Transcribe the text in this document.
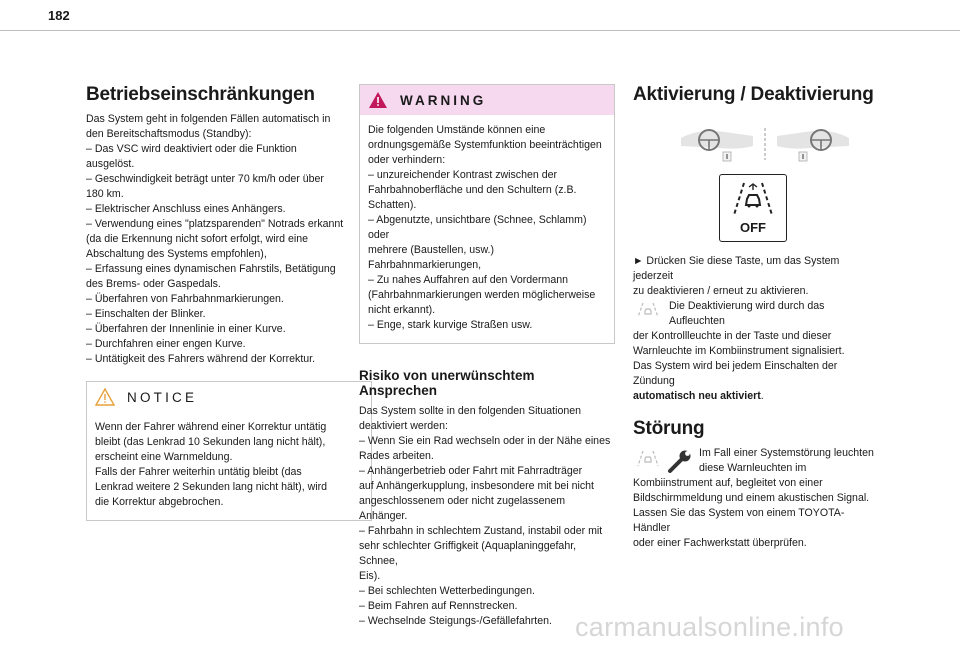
182
Betriebseinschränkungen

Das System geht in folgenden Fällen automatisch in

den Bereitschaftsmodus (Standby):

– Das VSC wird deaktiviert oder die Funktion

ausgelöst.

– Geschwindigkeit beträgt unter 70 km/h oder über

180 km.

– Elektrischer Anschluss eines Anhängers.

– Verwendung eines "platzsparenden" Notrads erkannt

(da die Erkennung nicht sofort erfolgt, wird eine

Abschaltung des Systems empfohlen),

– Erfassung eines dynamischen Fahrstils, Betätigung

des Brems- oder Gaspedals.

– Überfahren von Fahrbahnmarkierungen.

– Einschalten der Blinker.

– Überfahren der Innenlinie in einer Kurve.

– Durchfahren einer engen Kurve.

– Untätigkeit des Fahrers während der Korrektur.

NOTICE

Wenn der Fahrer während einer Korrektur untätig

bleibt (das Lenkrad 10 Sekunden lang nicht hält),

erscheint eine Warnmeldung.

Falls der Fahrer weiterhin untätig bleibt (das

Lenkrad weitere 2 Sekunden lang nicht hält), wird

die Korrektur abgebrochen.

WARNING

Die folgenden Umstände können eine

ordnungsgemäße Systemfunktion beeinträchtigen

oder verhindern:

– unzureichender Kontrast zwischen der

Fahrbahnoberfläche und den Schultern (z.B.

Schatten).

– Abgenutzte, unsichtbare (Schnee, Schlamm) oder

mehrere (Baustellen, usw.) Fahrbahnmarkierungen,

– Zu nahes Auffahren auf den Vordermann

(Fahrbahnmarkierungen werden möglicherweise

nicht erkannt).

– Enge, stark kurvige Straßen usw.

Risiko von unerwünschtem Ansprechen

Das System sollte in den folgenden Situationen

deaktiviert werden:

– Wenn Sie ein Rad wechseln oder in der Nähe eines

Rades arbeiten.

– Anhängerbetrieb oder Fahrt mit Fahrradträger

auf Anhängerkupplung, insbesondere mit bei nicht

angeschlossenem oder nicht zugelassenem Anhänger.

– Fahrbahn in schlechtem Zustand, instabil oder mit

sehr schlechter Griffigkeit (Aquaplaninggefahr, Schnee,

Eis).

– Bei schlechten Wetterbedingungen.

– Beim Fahren auf Rennstrecken.

– Wechselnde Steigungs-/Gefällefahrten.

Aktivierung / Deaktivierung
OFF

► Drücken Sie diese Taste, um das System jederzeit

zu deaktivieren / erneut zu aktivieren.

Die Deaktivierung wird durch das Aufleuchten

der Kontrollleuchte in der Taste und dieser

Warnleuchte im Kombiinstrument signalisiert.

Das System wird bei jedem Einschalten der Zündung

automatisch neu aktiviert.

Störung

Im Fall einer Systemstörung leuchten

diese Warnleuchten im

Kombiinstrument auf, begleitet von einer

Bildschirmmeldung und einem akustischen Signal.

Lassen Sie das System von einem TOYOTA-Händler

oder einer Fachwerkstatt überprüfen.

carmanualsonline.info
